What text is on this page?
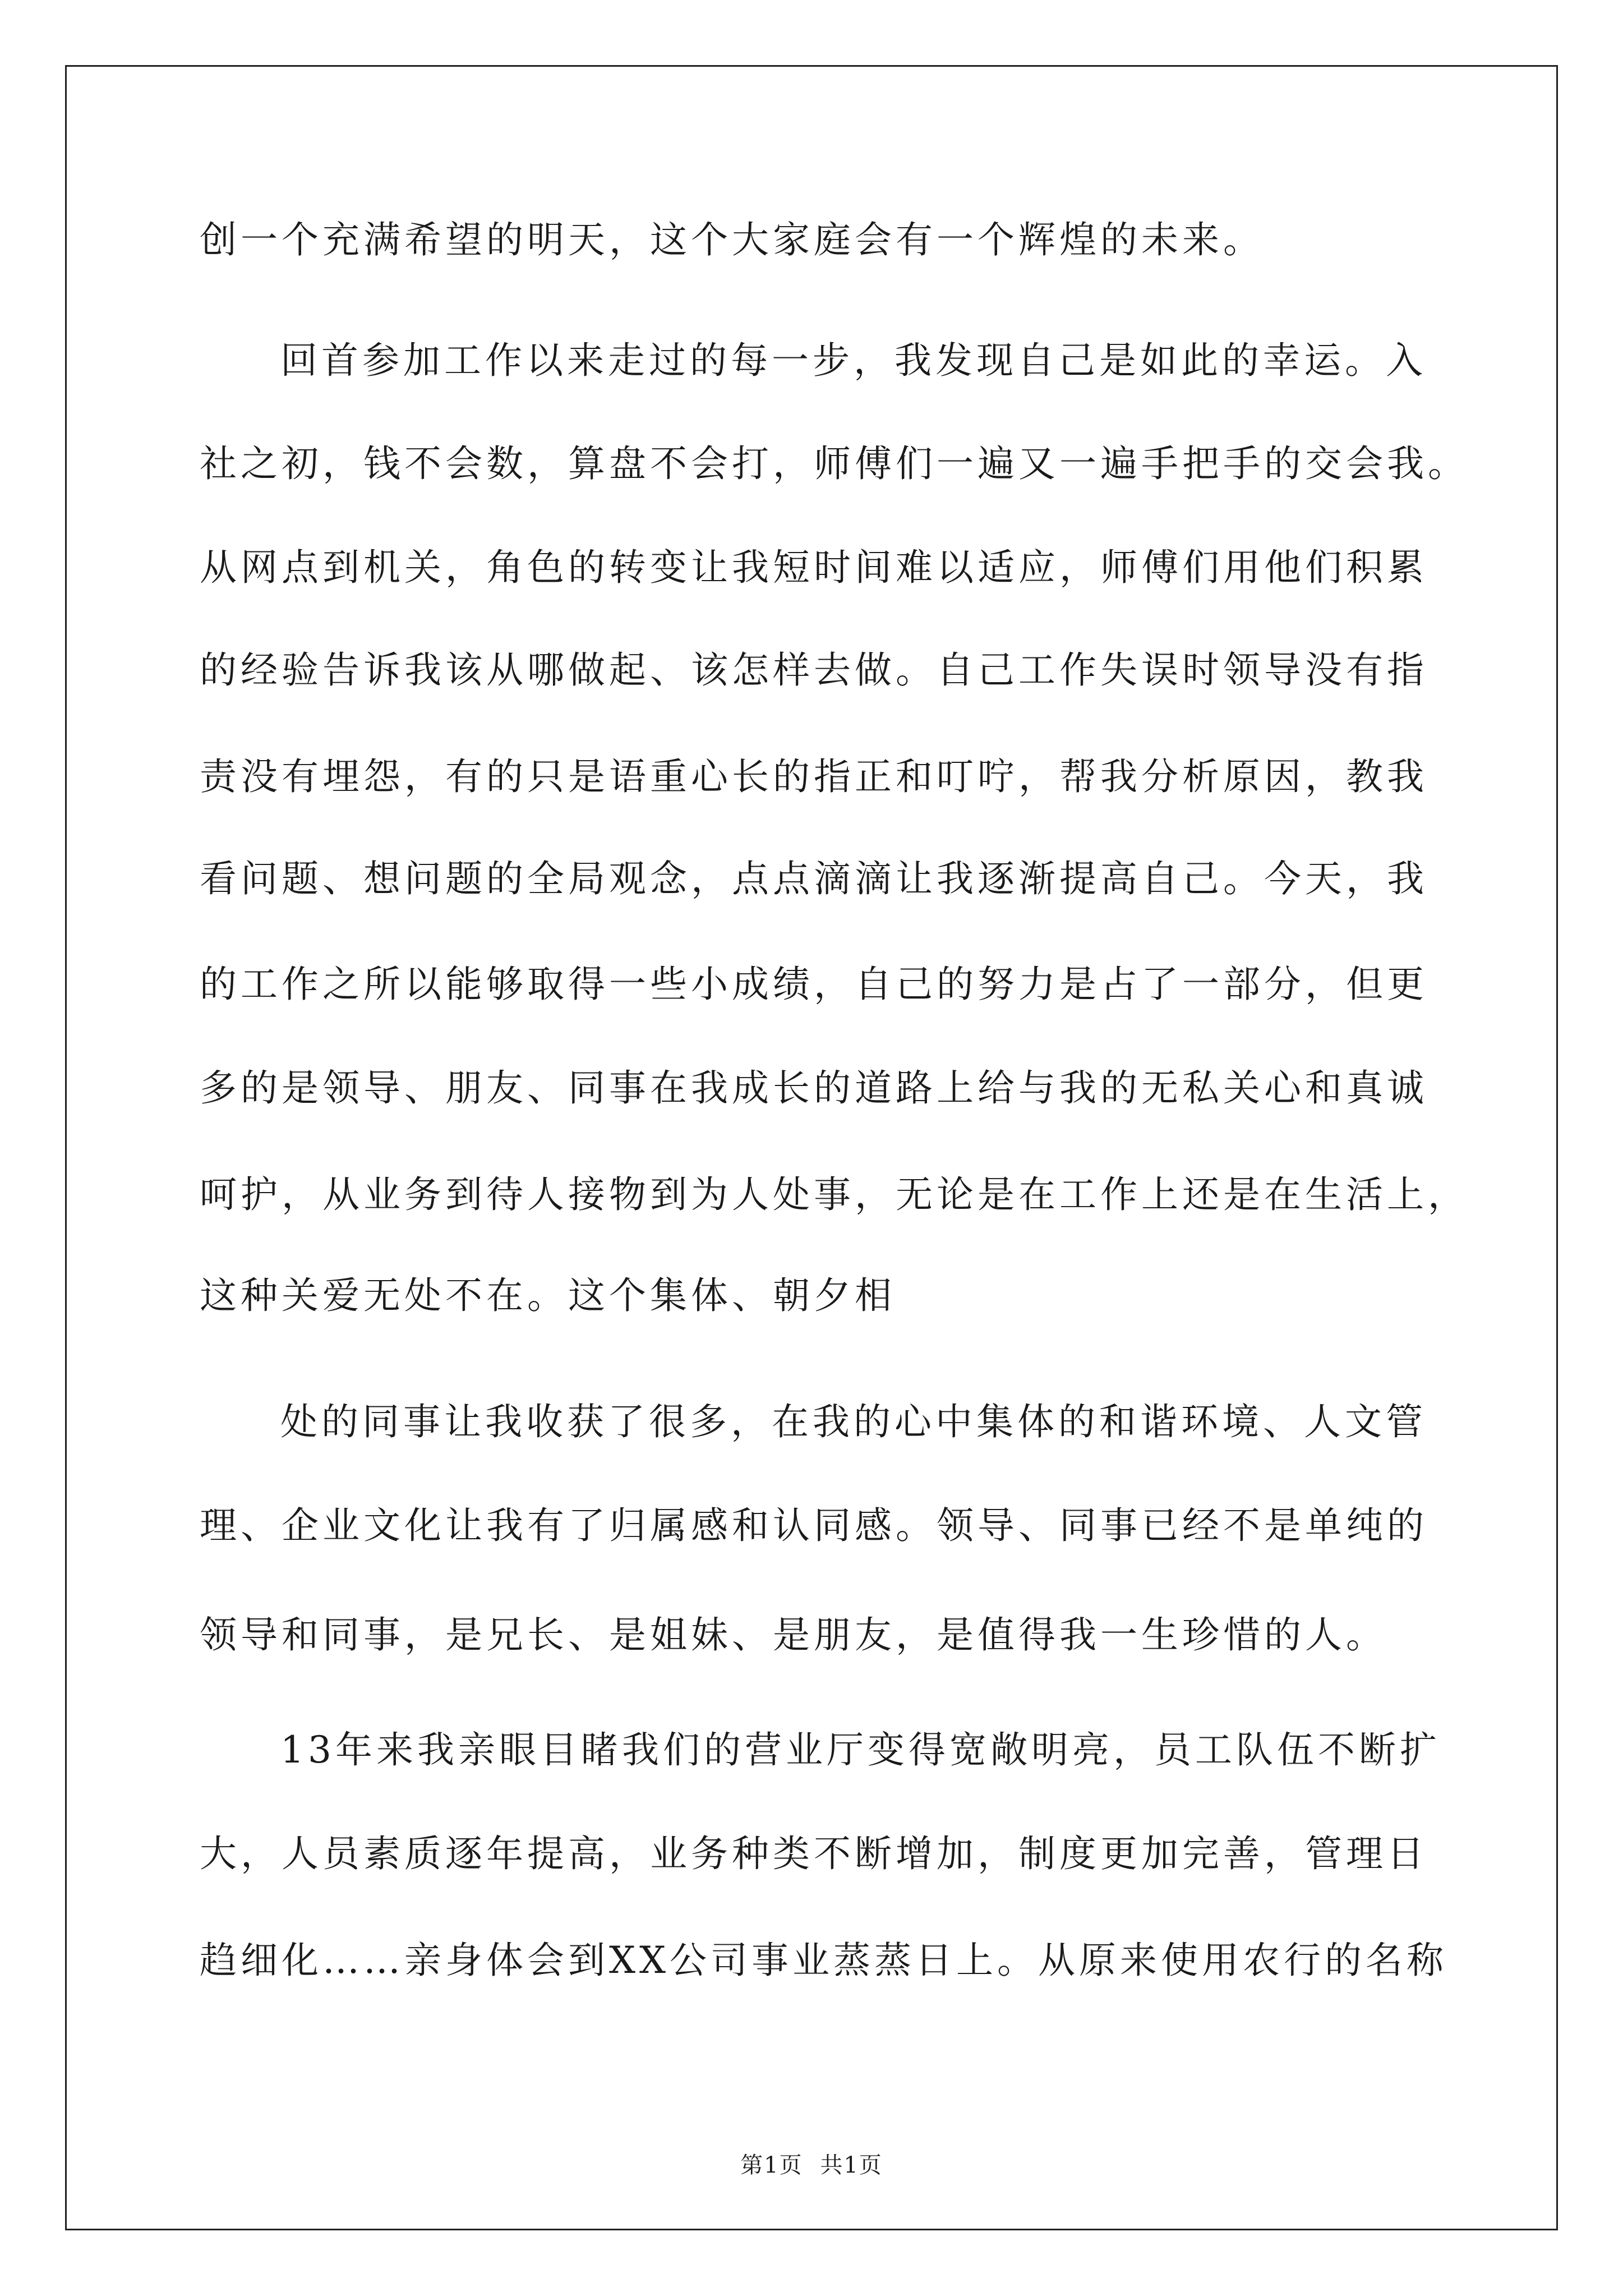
创一个充满希望的明天，这个大家庭会有一个辉煌的未来。
回首参加工作以来走过的每一步，我发现自己是如此的幸运。入
社之初，钱不会数，算盘不会打，师傅们一遍又一遍手把手的交会我。
从网点到机关，角色的转变让我短时间难以适应，师傅们用他们积累
的经验告诉我该从哪做起、该怎样去做。自己工作失误时领导没有指
责没有埋怨，有的只是语重心长的指正和叮咛，帮我分析原因，教我
看问题、想问题的全局观念，点点滴滴让我逐渐提高自己。今天，我
的工作之所以能够取得一些小成绩，自己的努力是占了一部分，但更
多的是领导、朋友、同事在我成长的道路上给与我的无私关心和真诚
呵护，从业务到待人接物到为人处事，无论是在工作上还是在生活上，
这种关爱无处不在。这个集体、朝夕相
处的同事让我收获了很多，在我的心中集体的和谐环境、人文管
理、企业文化让我有了归属感和认同感。领导、同事已经不是单纯的
领导和同事，是兄长、是姐妹、是朋友，是值得我一生珍惜的人。
13年来我亲眼目睹我们的营业厅变得宽敞明亮，员工队伍不断扩
大，人员素质逐年提高，业务种类不断增加，制度更加完善，管理日
趋细化……亲身体会到XX公司事业蒸蒸日上。从原来使用农行的名称
第1页 共1页
